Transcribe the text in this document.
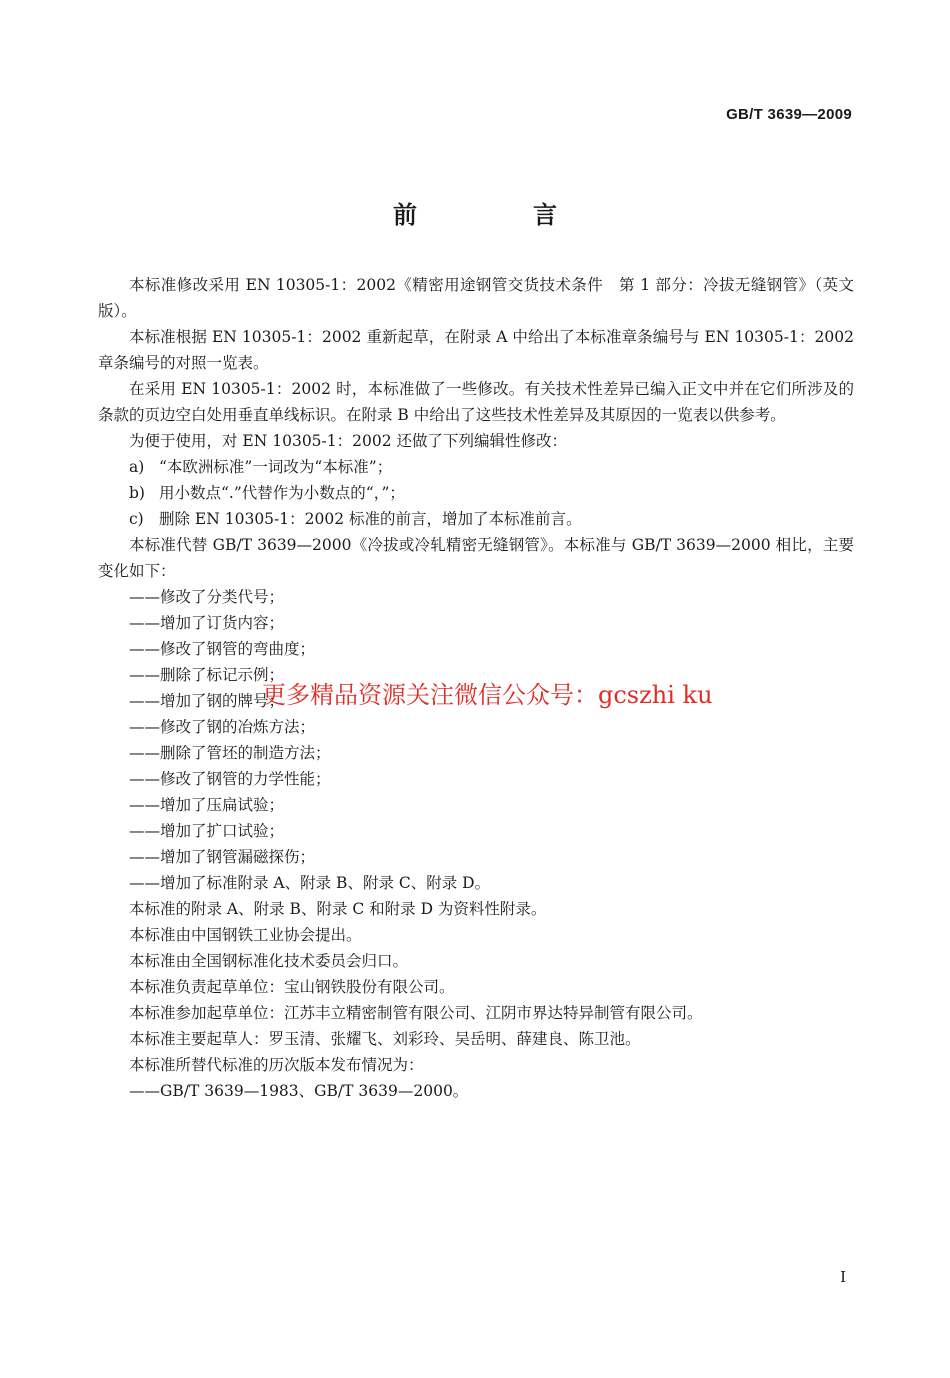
GB/T 3639—2009
前　言

本标准修改采用 EN 10305-1：2002《精密用途钢管交货技术条件　第 1 部分：冷拔无缝钢管》（英文版）。

本标准根据 EN 10305-1：2002 重新起草，在附录 A 中给出了本标准章条编号与 EN 10305-1：2002 章条编号的对照一览表。

在采用 EN 10305-1：2002 时，本标准做了一些修改。有关技术性差异已编入正文中并在它们所涉及的条款的页边空白处用垂直单线标识。在附录 B 中给出了这些技术性差异及其原因的一览表以供参考。

为便于使用，对 EN 10305-1：2002 还做了下列编辑性修改：

a) “本欧洲标准”一词改为“本标准”；

b) 用小数点“.”代替作为小数点的“，”；

c) 删除 EN 10305-1：2002 标准的前言，增加了本标准前言。

本标准代替 GB/T 3639—2000《冷拔或冷轧精密无缝钢管》。本标准与 GB/T 3639—2000 相比，主要变化如下：

——修改了分类代号；

——增加了订货内容；

——修改了钢管的弯曲度；

——删除了标记示例；

——增加了钢的牌号；

——修改了钢的冶炼方法；

——删除了管坯的制造方法；

——修改了钢管的力学性能；

——增加了压扁试验；

——增加了扩口试验；

——增加了钢管漏磁探伤；

——增加了标准附录 A、附录 B、附录 C、附录 D。

本标准的附录 A、附录 B、附录 C 和附录 D 为资料性附录。

本标准由中国钢铁工业协会提出。

本标准由全国钢标准化技术委员会归口。

本标准负责起草单位：宝山钢铁股份有限公司。

本标准参加起草单位：江苏丰立精密制管有限公司、江阴市界达特异制管有限公司。

本标准主要起草人：罗玉清、张耀飞、刘彩玲、吴岳明、薛建良、陈卫池。

本标准所替代标准的历次版本发布情况为：

——GB/T 3639—1983、GB/T 3639—2000。

更多精品资源关注微信公众号：gcszhi ku
I
